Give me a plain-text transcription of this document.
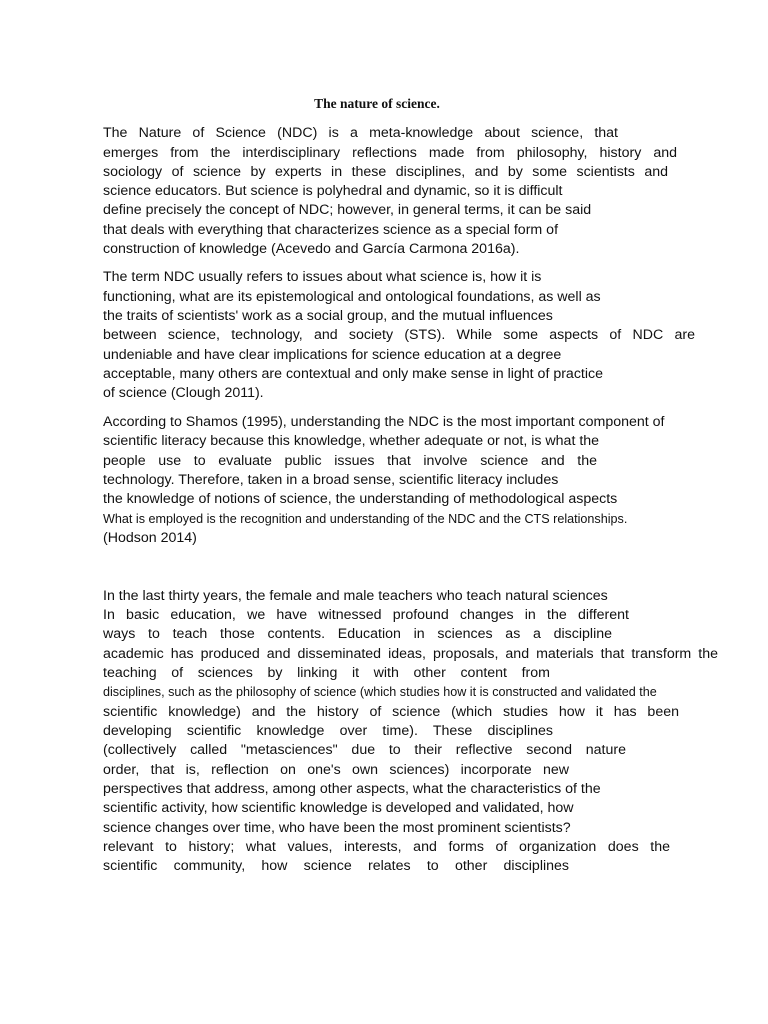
The nature of science.
The Nature of Science (NDC) is a meta-knowledge about science, that
emerges from the interdisciplinary reflections made from philosophy, history and
sociology of science by experts in these disciplines, and by some scientists and
science educators. But science is polyhedral and dynamic, so it is difficult
define precisely the concept of NDC; however, in general terms, it can be said
that deals with everything that characterizes science as a special form of
construction of knowledge (Acevedo and García Carmona 2016a).
The term NDC usually refers to issues about what science is, how it is
functioning, what are its epistemological and ontological foundations, as well as
the traits of scientists' work as a social group, and the mutual influences
between science, technology, and society (STS). While some aspects of NDC are
undeniable and have clear implications for science education at a degree
acceptable, many others are contextual and only make sense in light of practice
of science (Clough 2011).
According to Shamos (1995), understanding the NDC is the most important component of
scientific literacy because this knowledge, whether adequate or not, is what the
people use to evaluate public issues that involve science and the
technology. Therefore, taken in a broad sense, scientific literacy includes
the knowledge of notions of science, the understanding of methodological aspects
What is employed is the recognition and understanding of the NDC and the CTS relationships.
(Hodson 2014)
In the last thirty years, the female and male teachers who teach natural sciences
In basic education, we have witnessed profound changes in the different
ways to teach those contents. Education in sciences as a discipline
academic has produced and disseminated ideas, proposals, and materials that transform the
teaching of sciences by linking it with other content from
disciplines, such as the philosophy of science (which studies how it is constructed and validated the
scientific knowledge) and the history of science (which studies how it has been
developing scientific knowledge over time). These disciplines
(collectively called "metasciences" due to their reflective second nature
order, that is, reflection on one's own sciences) incorporate new
perspectives that address, among other aspects, what the characteristics of the
scientific activity, how scientific knowledge is developed and validated, how
science changes over time, who have been the most prominent scientists?
relevant to history; what values, interests, and forms of organization does the
scientific community, how science relates to other disciplines
